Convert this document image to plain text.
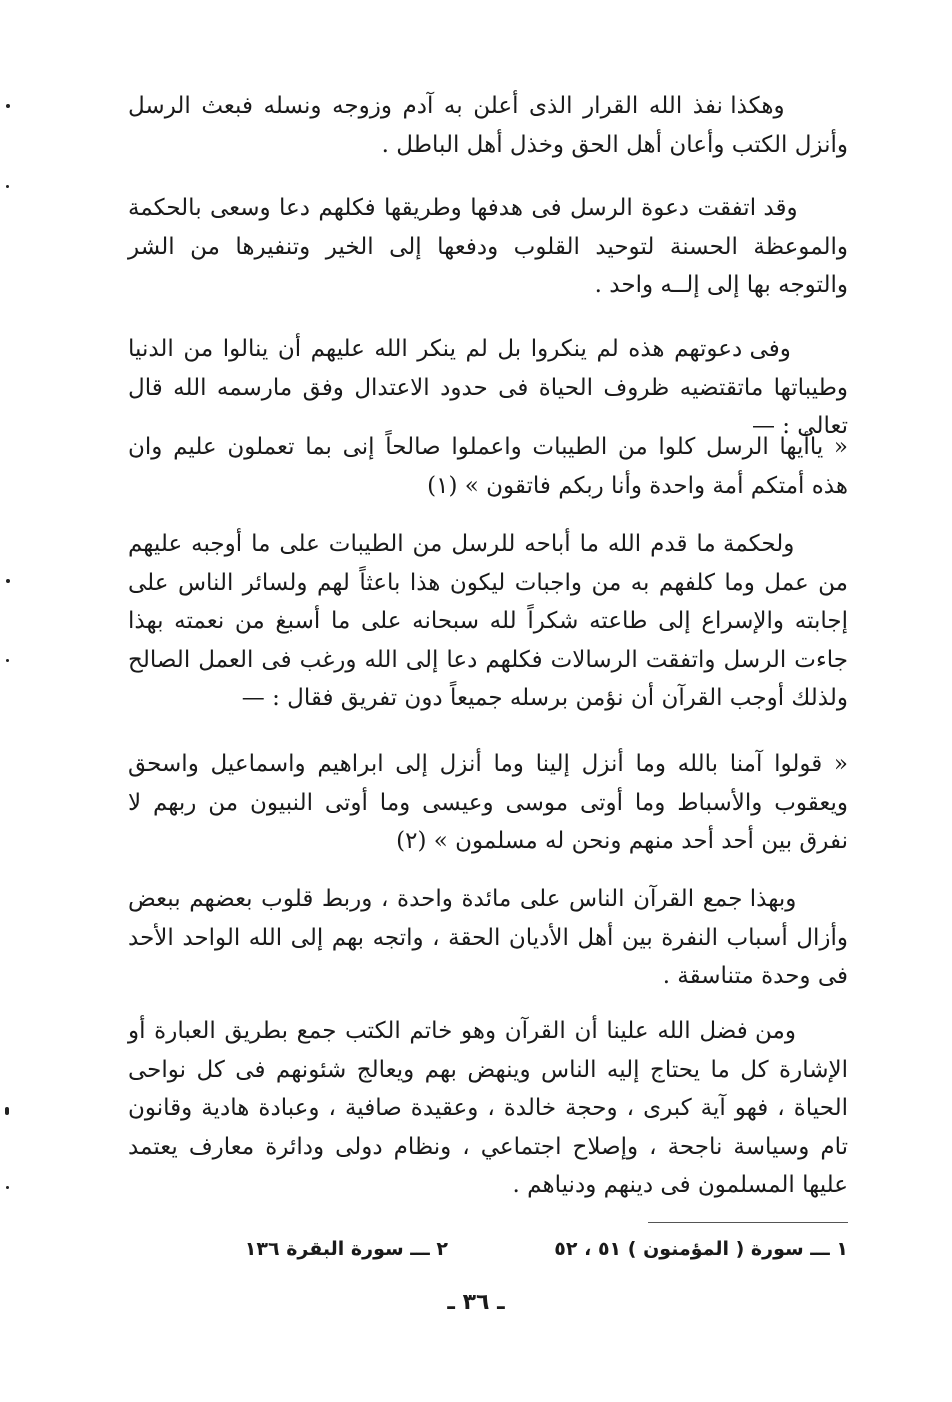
وهكذا نفذ الله القرار الذى أعلن به آدم وزوجه ونسله فبعث الرسل وأنزل الكتب وأعان أهل الحق وخذل أهل الباطل .

وقد اتفقت دعوة الرسل فى هدفها وطريقها فكلهم دعا وسعى بالحكمة والموعظة الحسنة لتوحيد القلوب ودفعها إلى الخير وتنفيرها من الشر والتوجه بها إلى إلــه واحد .

وفى دعوتهم هذه لم ينكروا بل لم ينكر الله عليهم أن ينالوا من الدنيا وطيباتها ماتقتضيه ظروف الحياة فى حدود الاعتدال وفق مارسمه الله قال تعالى : —

« ياأيها الرسل كلوا من الطيبات واعملوا صالحاً إنى بما تعملون عليم وان هذه أمتكم أمة واحدة وأنا ربكم فاتقون » (١)

ولحكمة ما قدم الله ما أباحه للرسل من الطيبات على ما أوجبه عليهم من عمل وما كلفهم به من واجبات ليكون هذا باعثاً لهم ولسائر الناس على إجابته والإسراع إلى طاعته شكراً لله سبحانه على ما أسبغ من نعمته بهذا جاءت الرسل واتفقت الرسالات فكلهم دعا إلى الله ورغب فى العمل الصالح ولذلك أوجب القرآن أن نؤمن برسله جميعاً دون تفريق فقال : —

« قولوا آمنا بالله وما أنزل إلينا وما أنزل إلى ابراهيم واسماعيل واسحق ويعقوب والأسباط وما أوتى موسى وعيسى وما أوتى النبيون من ربهم لا نفرق بين أحد أحد منهم ونحن له مسلمون » (٢)

وبهذا جمع القرآن الناس على مائدة واحدة ، وربط قلوب بعضهم ببعض وأزال أسباب النفرة بين أهل الأديان الحقة ، واتجه بهم إلى الله الواحد الأحد فى وحدة متناسقة .

ومن فضل الله علينا أن القرآن وهو خاتم الكتب جمع بطريق العبارة أو الإشارة كل ما يحتاج إليه الناس وينهض بهم ويعالج شئونهم فى كل نواحى الحياة ، فهو آية كبرى ، وحجة خالدة ، وعقيدة صافية ، وعبادة هادية وقانون تام وسياسة ناجحة ، وإصلاح اجتماعي ، ونظام دولى ودائرة معارف يعتمد عليها المسلمون فى دينهم ودنياهم .

١ ـــ سورة ( المؤمنون ) ٥١ ، ٥٢
٢ ـــ سورة البقرة ١٣٦
ـ ٣٦ ـ
